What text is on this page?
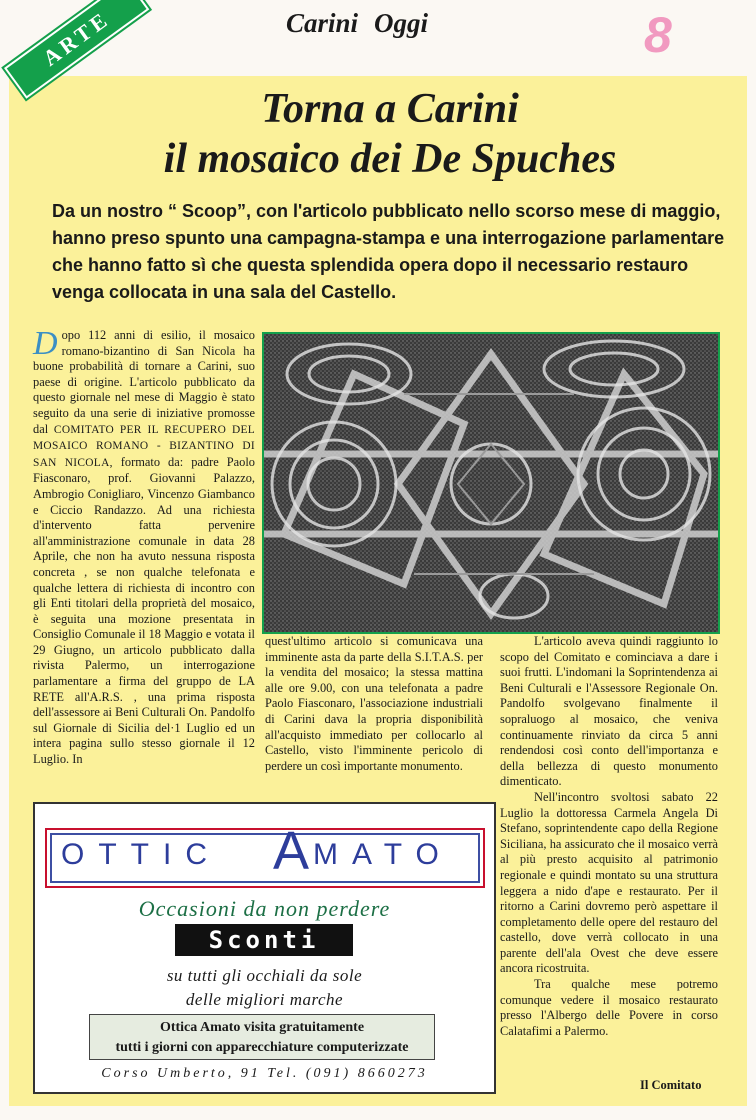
8
Carini Oggi
ARTE
Torna a Carini
il mosaico dei De Spuches
Da un nostro “ Scoop”, con l'articolo pubblicato nello scorso mese di maggio, hanno preso spunto una campagna-stampa e una interrogazione parlamentare che hanno fatto sì che questa splendida opera dopo il necessario restauro venga collocata in una sala del Castello.
D opo 112 anni di esilio, il mosaico romano-bizantino di San Nicola ha buone probabilità di tornare a Carini, suo paese di origine. L'articolo pubblicato da questo giornale nel mese di Maggio è stato seguito da una serie di iniziative promosse dal COMITATO PER IL RECUPERO DEL MOSAICO ROMANO - BIZANTINO DI SAN NICOLA, formato da: padre Paolo Fiasconaro, prof. Giovanni Palazzo, Ambrogio Conigliaro, Vincenzo Giambanco e Ciccio Randazzo. Ad una richiesta d'intervento fatta pervenire all'amministrazione comunale in data 28 Aprile, che non ha avuto nessuna risposta concreta , se non qualche telefonata e qualche lettera di richiesta di incontro con gli Enti titolari della proprietà del mosaico, è seguita una mozione presentata in Consiglio Comunale il 18 Maggio e votata il 29 Giugno, un articolo pubblicato dalla rivista Palermo, un interrogazione parlamentare a firma del gruppo de LA RETE all'A.R.S. , una prima risposta dell'assessore ai Beni Culturali On. Pandolfo sul Giornale di Sicilia del·1 Luglio ed un intera pagina sullo stesso giornale il 12 Luglio. In

quest'ultimo articolo si comunicava una imminente asta da parte della S.I.T.A.S. per la vendita del mosaico; la stessa mattina alle ore 9.00, con una telefonata a padre Paolo Fiasconaro, l'associazione industriali di Carini dava la propria disponibilità all'acquisto immediato per collocarlo al Castello, visto l'imminente pericolo di perdere un così importante monumento.

L'articolo aveva quindi raggiunto lo scopo del Comitato e cominciava a dare i suoi frutti. L'indomani la Soprintendenza ai Beni Culturali e l'Assessore Regionale On. Pandolfo svolgevano finalmente il sopraluogo al mosaico, che veniva continuamente rinviato da circa 5 anni rendendosi così conto dell'importanza e della bellezza di questo monumento dimenticato.

Nell'incontro svoltosi sabato 22 Luglio la dottoressa Carmela Angela Di Stefano, soprintendente capo della Regione Siciliana, ha assicurato che il mosaico verrà al più presto acquisito al patrimonio regionale e quindi montato su una struttura leggera a nido d'ape e restaurato. Per il ritorno a Carini dovremo però aspettare il completamento delle opere del restauro del castello, dove verrà collocato in una parente dell'ala Ovest che deve essere ancora ricostruita.

Tra qualche mese potremo comunque vedere il mosaico restaurato presso l'Albergo delle Povere in corso Calatafimi a Palermo.

Il Comitato
OTTIC A MATO
Occasioni da non perdere
Sconti
su tutti gli occhiali da sole
delle migliori marche
Ottica Amato visita gratuitamente
tutti i giorni con apparecchiature computerizzate
Corso Umberto, 91 Tel. (091) 8660273
